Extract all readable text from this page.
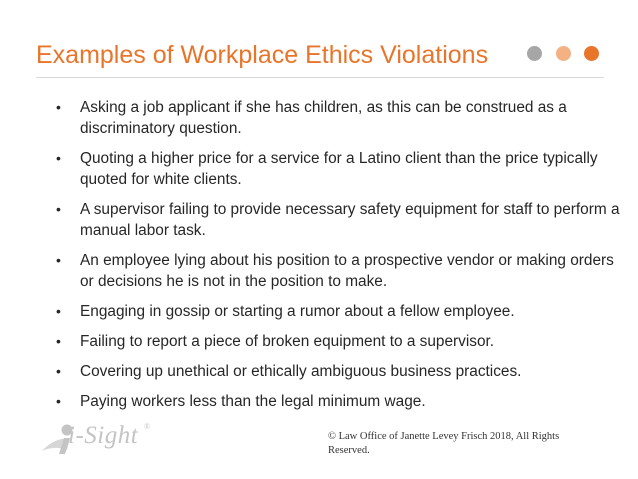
Examples of Workplace Ethics Violations
• Asking a job applicant if she has children, as this can be construed as a discriminatory question.
• Quoting a higher price for a service for a Latino client than the price typically quoted for white clients.
• A supervisor failing to provide necessary safety equipment for staff to perform a manual labor task.
• An employee lying about his position to a prospective vendor or making orders or decisions he is not in the position to make.
• Engaging in gossip or starting a rumor about a fellow employee.
• Failing to report a piece of broken equipment to a supervisor.
• Covering up unethical or ethically ambiguous business practices.
• Paying workers less than the legal minimum wage.
i-Sight ®
© Law Office of Janette Levey Frisch 2018, All Rights Reserved.
